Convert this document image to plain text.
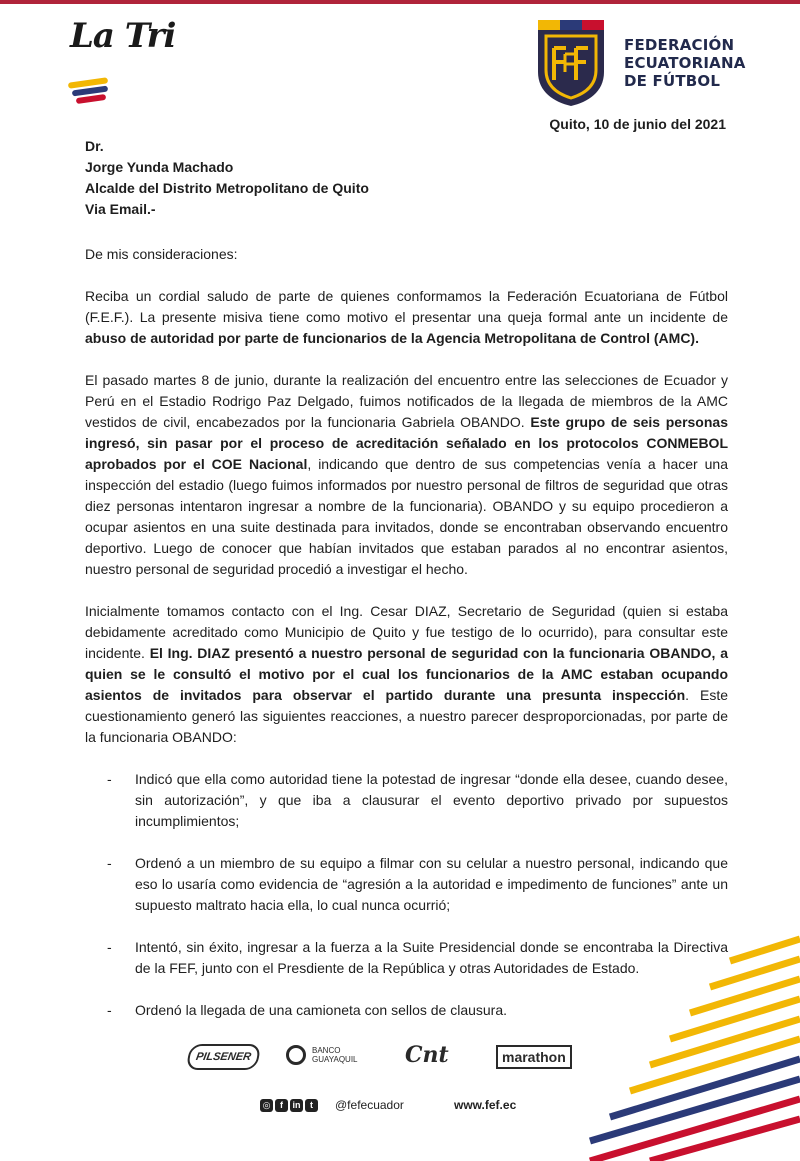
La Tri	FEDERACIÓN
ECUATORIANA
DE FÚTBOL
Quito, 10 de junio del 2021
Dr.
Jorge Yunda Machado
Alcalde del Distrito Metropolitano de Quito
Via Email.-

De mis consideraciones:

Reciba un cordial saludo de parte de quienes conformamos la Federación Ecuatoriana de Fútbol (F.E.F.). La presente misiva tiene como motivo el presentar una queja formal ante un incidente de abuso de autoridad por parte de funcionarios de la Agencia Metropolitana de Control (AMC).

El pasado martes 8 de junio, durante la realización del encuentro entre las selecciones de Ecuador y Perú en el Estadio Rodrigo Paz Delgado, fuimos notificados de la llegada de miembros de la AMC vestidos de civil, encabezados por la funcionaria Gabriela OBANDO. Este grupo de seis personas ingresó, sin pasar por el proceso de acreditación señalado en los protocolos CONMEBOL aprobados por el COE Nacional, indicando que dentro de sus competencias venía a hacer una inspección del estadio (luego fuimos informados por nuestro personal de filtros de seguridad que otras diez personas intentaron ingresar a nombre de la funcionaria). OBANDO y su equipo procedieron a ocupar asientos en una suite destinada para invitados, donde se encontraban observando encuentro deportivo. Luego de conocer que habían invitados que estaban parados al no encontrar asientos, nuestro personal de seguridad procedió a investigar el hecho.

Inicialmente tomamos contacto con el Ing. Cesar DIAZ, Secretario de Seguridad (quien si estaba debidamente acreditado como Municipio de Quito y fue testigo de lo ocurrido), para consultar este incidente. El Ing. DIAZ presentó a nuestro personal de seguridad con la funcionaria OBANDO, a quien se le consultó el motivo por el cual los funcionarios de la AMC estaban ocupando asientos de invitados para observar el partido durante una presunta inspección. Este cuestionamiento generó las siguientes reacciones, a nuestro parecer desproporcionadas, por parte de la funcionaria OBANDO:

- Indicó que ella como autoridad tiene la potestad de ingresar “donde ella desee, cuando desee, sin autorización”, y que iba a clausurar el evento deportivo privado por supuestos incumplimientos;
- Ordenó a un miembro de su equipo a filmar con su celular a nuestro personal, indicando que eso lo usaría como evidencia de “agresión a la autoridad e impedimento de funciones” ante un supuesto maltrato hacia ella, lo cual nunca ocurrió;
- Intentó, sin éxito, ingresar a la fuerza a la Suite Presidencial donde se encontraba la Directiva de la FEF, junto con el Presdiente de la República y otras Autoridades de Estado.
- Ordenó la llegada de una camioneta con sellos de clausura.
PILSENER
BANCO
GUAYAQUIL Cnt	marathon
◎	f	in	t	@fefecuador	www.fef.ec
